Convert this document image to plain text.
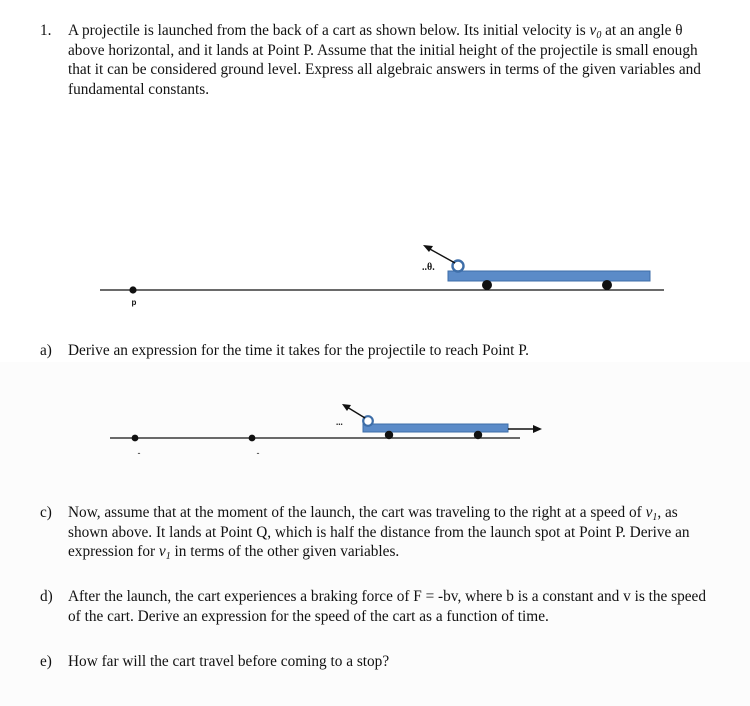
1. A projectile is launched from the back of a cart as shown below. Its initial velocity is $v_0$ at an angle θ above horizontal, and it lands at Point P. Assume that the initial height of the projectile is small enough that it can be considered ground level. Express all algebraic answers in terms of the given variables and fundamental constants.
p
..θ.
a) Derive an expression for the time it takes for the projectile to reach Point P.
-	-
...
c) Now, assume that at the moment of the launch, the cart was traveling to the right at a speed of $v_1$, as shown above. It lands at Point Q, which is half the distance from the launch spot at Point P. Derive an expression for $v_1$ in terms of the other given variables.
d) After the launch, the cart experiences a braking force of F = -bv, where b is a constant and v is the speed of the cart. Derive an expression for the speed of the cart as a function of time.
e) How far will the cart travel before coming to a stop?
